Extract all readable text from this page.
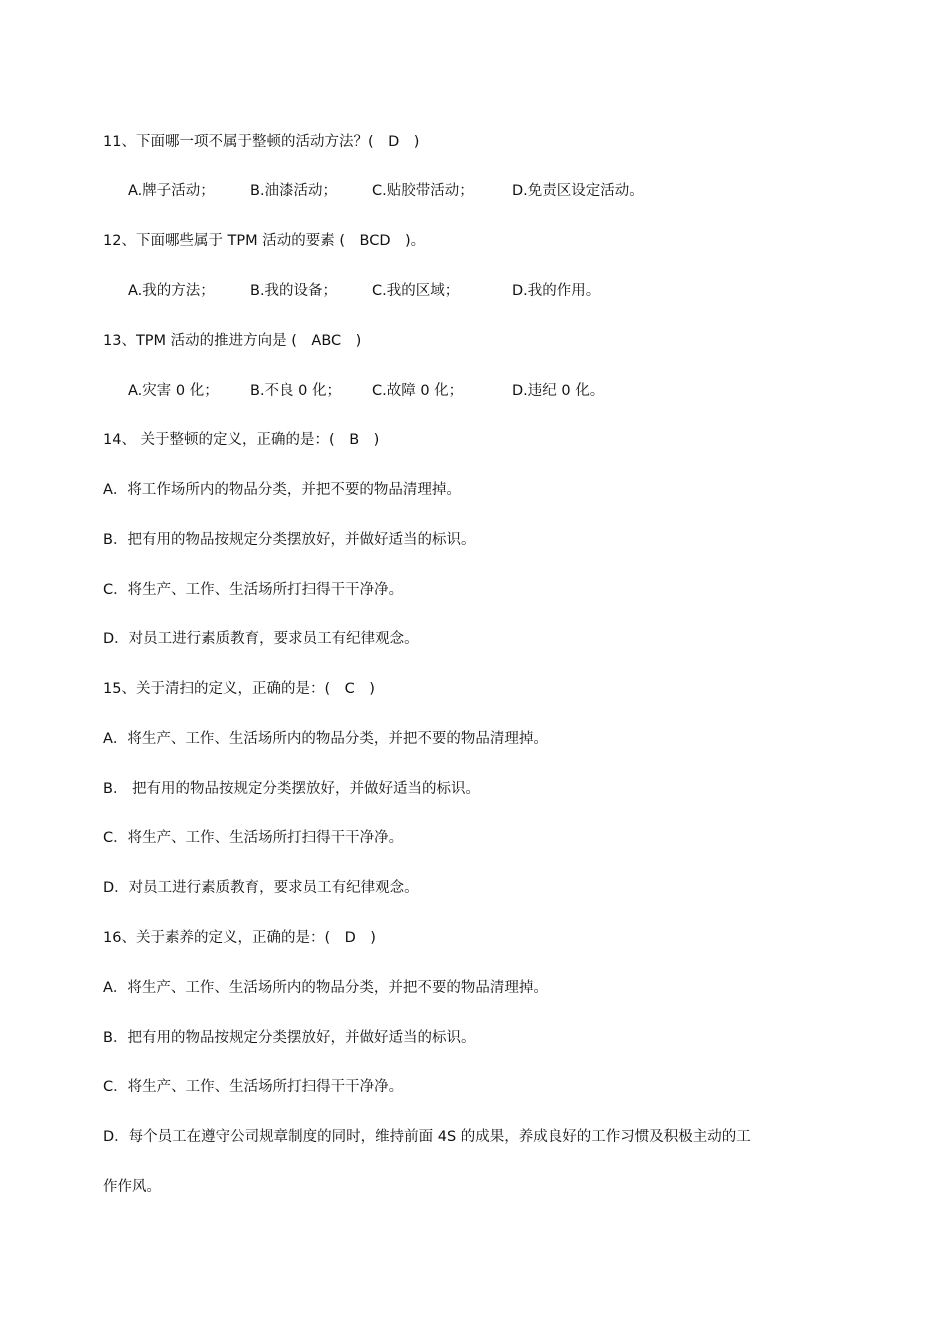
11、下面哪一项不属于整顿的活动方法？(　D　)
A.牌子活动； B.油漆活动； C.贴胶带活动；	D.免责区设定活动。
12、下面哪些属于 TPM 活动的要素 (　BCD　)。
A.我的方法； B.我的设备； C.我的区域；	D.我的作用。
13、TPM 活动的推进方向是 (　ABC　)
A.灾害 0 化； B.不良 0 化； C.故障 0 化；	D.违纪 0 化。
14、 关于整顿的定义，正确的是：(　B　)
A．将工作场所内的物品分类，并把不要的物品清理掉。
B．把有用的物品按规定分类摆放好，并做好适当的标识。
C．将生产、工作、生活场所打扫得干干净净。
D．对员工进行素质教育，要求员工有纪律观念。
15、关于清扫的定义，正确的是：(　C　)
A．将生产、工作、生活场所内的物品分类，并把不要的物品清理掉。
B． 把有用的物品按规定分类摆放好，并做好适当的标识。
C．将生产、工作、生活场所打扫得干干净净。
D．对员工进行素质教育，要求员工有纪律观念。
16、关于素养的定义，正确的是：(　D　)
A．将生产、工作、生活场所内的物品分类，并把不要的物品清理掉。
B．把有用的物品按规定分类摆放好，并做好适当的标识。
C．将生产、工作、生活场所打扫得干干净净。
D．每个员工在遵守公司规章制度的同时，维持前面 4S 的成果，养成良好的工作习惯及积极主动的工
作作风。
